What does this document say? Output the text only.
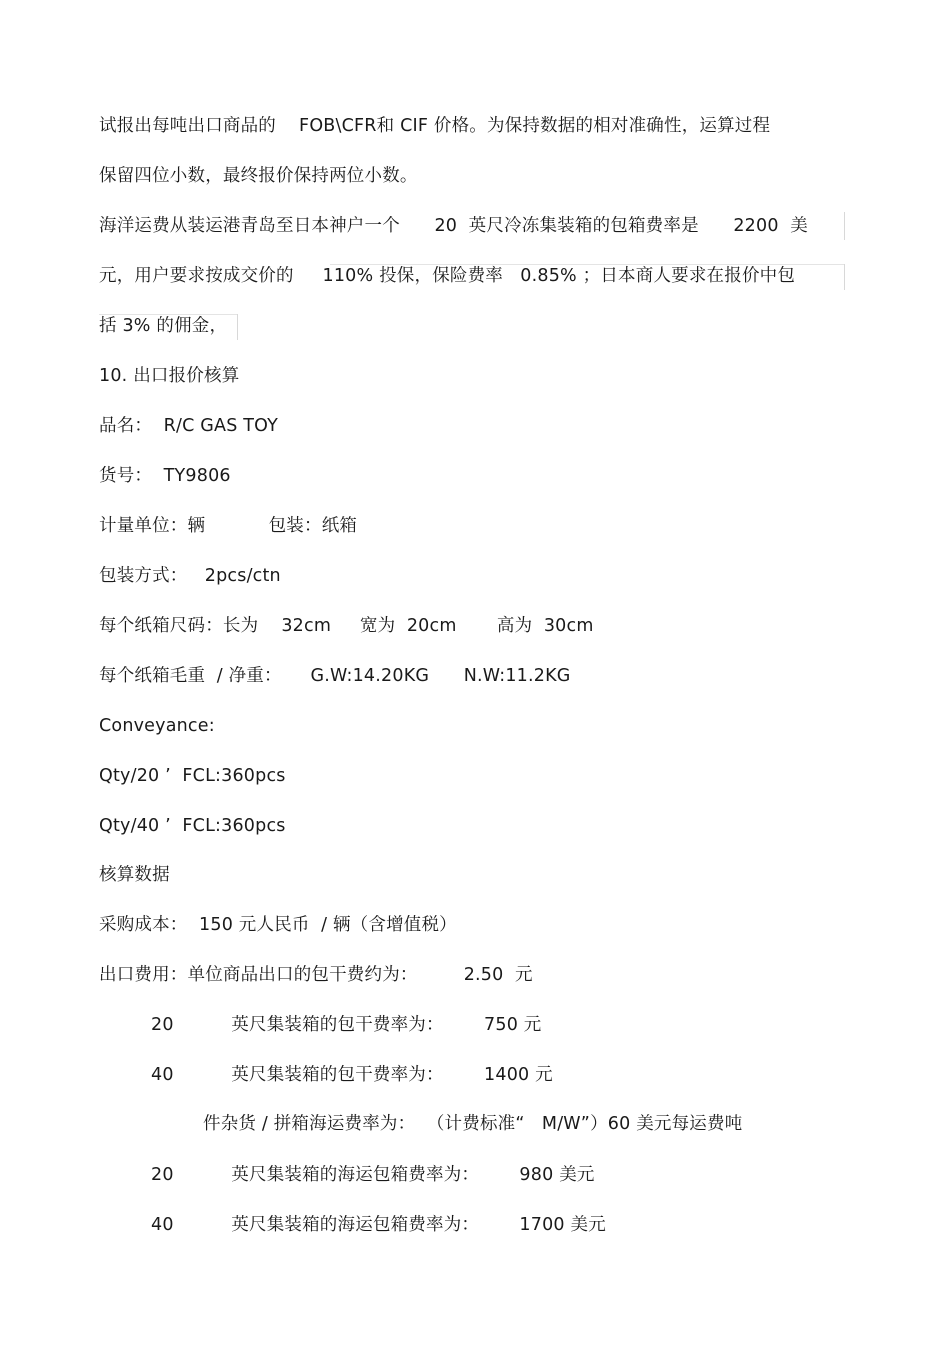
试报出每吨出口商品的    FOB\CFR和 CIF 价格。为保持数据的相对准确性，运算过程
保留四位小数，最终报价保持两位小数。
海洋运费从装运港青岛至日本神户一个      20  英尺冷冻集装箱的包箱费率是      2200  美
元，用户要求按成交价的     110% 投保，保险费率   0.85% ；日本商人要求在报价中包
括 3% 的佣金，
10. 出口报价核算
品名：  R/C GAS TOY
货号：  TY9806
计量单位：辆           包装：纸箱
包装方式：   2pcs/ctn
每个纸箱尺码：长为    32cm     宽为  20cm       高为  30cm
每个纸箱毛重  / 净重：     G.W:14.20KG      N.W:11.2KG
Conveyance:
Qty/20 ’  FCL:360pcs
Qty/40 ’  FCL:360pcs
核算数据
采购成本：  150 元人民币  / 辆（含增值税）
出口费用：单位商品出口的包干费约为：        2.50  元
20          英尺集装箱的包干费率为：       750 元
40          英尺集装箱的包干费率为：       1400 元
件杂货 / 拼箱海运费率为：  （计费标准“   M/W”）60 美元每运费吨
20          英尺集装箱的海运包箱费率为：       980 美元
40          英尺集装箱的海运包箱费率为：       1700 美元
